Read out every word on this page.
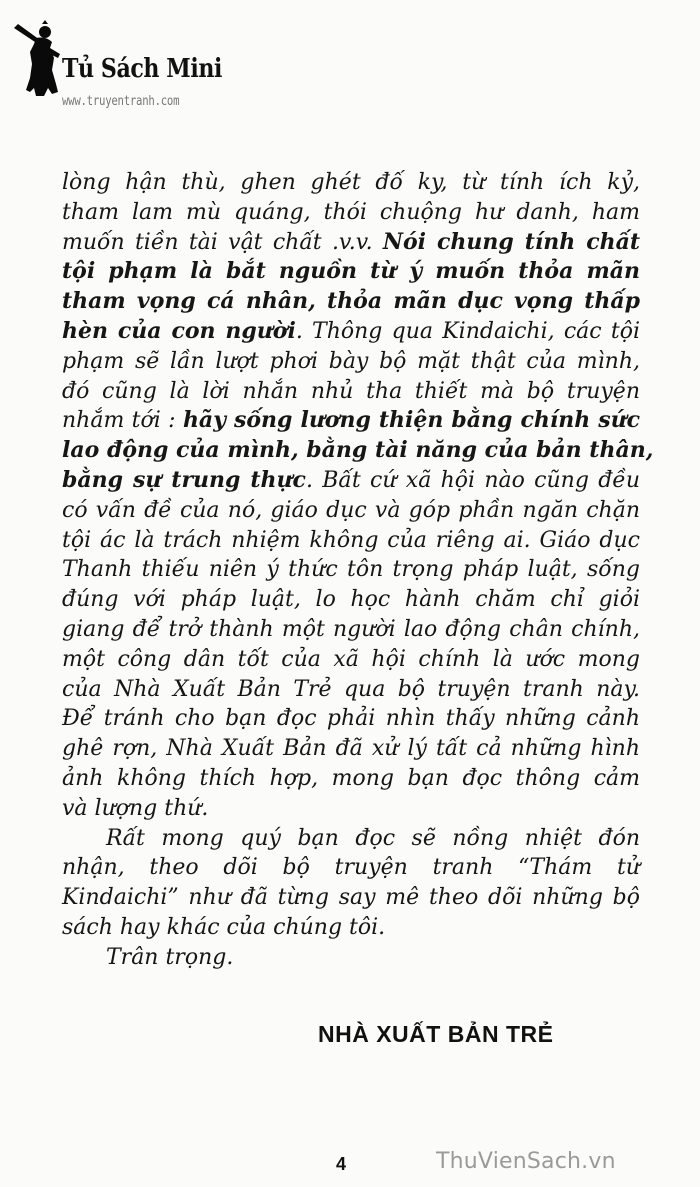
Tủ Sách Mini
www.truyentranh.com
lòng hận thù, ghen ghét đố ky, từ tính ích kỷ,
tham lam mù quáng, thói chuộng hư danh, ham
muốn tiền tài vật chất .v.v. Nói chung tính chất
tội phạm là bắt nguồn từ ý muốn thỏa mãn
tham vọng cá nhân, thỏa mãn dục vọng thấp
hèn của con người. Thông qua Kindaichi, các tội
phạm sẽ lần lượt phơi bày bộ mặt thật của mình,
đó cũng là lời nhắn nhủ tha thiết mà bộ truyện
nhắm tới : hãy sống lương thiện bằng chính sức
lao động của mình, bằng tài năng của bản thân,
bằng sự trung thực. Bất cứ xã hội nào cũng đều
có vấn đề của nó, giáo dục và góp phần ngăn chặn
tội ác là trách nhiệm không của riêng ai. Giáo dục
Thanh thiếu niên ý thức tôn trọng pháp luật, sống
đúng với pháp luật, lo học hành chăm chỉ giỏi
giang để trở thành một người lao động chân chính,
một công dân tốt của xã hội chính là ước mong
của Nhà Xuất Bản Trẻ qua bộ truyện tranh này.
Để tránh cho bạn đọc phải nhìn thấy những cảnh
ghê rợn, Nhà Xuất Bản đã xử lý tất cả những hình
ảnh không thích hợp, mong bạn đọc thông cảm
và lượng thứ.
Rất mong quý bạn đọc sẽ nồng nhiệt đón
nhận, theo dõi bộ truyện tranh “Thám tử
Kindaichi” như đã từng say mê theo dõi những bộ
sách hay khác của chúng tôi.
Trân trọng.
NHÀ XUẤT BẢN TRẺ
4	ThuVienSach.vn
